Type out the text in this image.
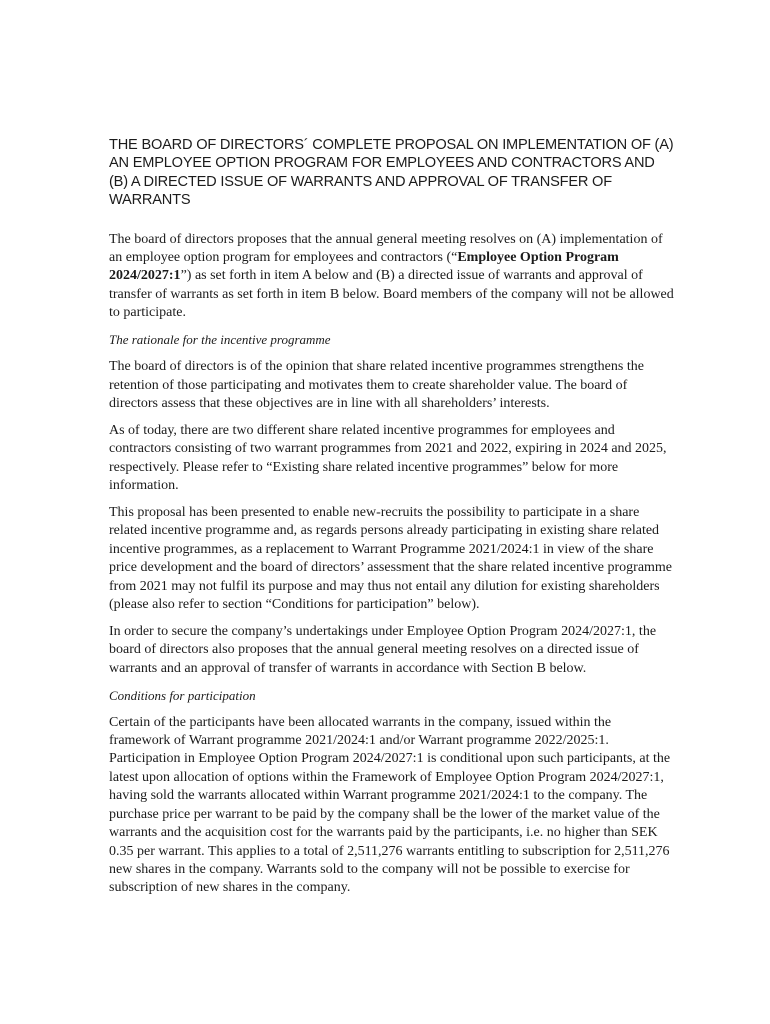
THE BOARD OF DIRECTORS´ COMPLETE PROPOSAL ON IMPLEMENTATION OF (A) AN EMPLOYEE OPTION PROGRAM FOR EMPLOYEES AND CONTRACTORS AND (B) A DIRECTED ISSUE OF WARRANTS AND APPROVAL OF TRANSFER OF WARRANTS

The board of directors proposes that the annual general meeting resolves on (A) implementation of an employee option program for employees and contractors (“Employee Option Program 2024/2027:1”) as set forth in item A below and (B) a directed issue of warrants and approval of transfer of warrants as set forth in item B below. Board members of the company will not be allowed to participate.

The rationale for the incentive programme

The board of directors is of the opinion that share related incentive programmes strengthens the retention of those participating and motivates them to create shareholder value. The board of directors assess that these objectives are in line with all shareholders’ interests.

As of today, there are two different share related incentive programmes for employees and contractors consisting of two warrant programmes from 2021 and 2022, expiring in 2024 and 2025, respectively. Please refer to “Existing share related incentive programmes” below for more information.

This proposal has been presented to enable new-recruits the possibility to participate in a share related incentive programme and, as regards persons already participating in existing share related incentive programmes, as a replacement to Warrant Programme 2021/2024:1 in view of the share price development and the board of directors’ assessment that the share related incentive programme from 2021 may not fulfil its purpose and may thus not entail any dilution for existing shareholders (please also refer to section “Conditions for participation” below).

In order to secure the company’s undertakings under Employee Option Program 2024/2027:1, the board of directors also proposes that the annual general meeting resolves on a directed issue of warrants and an approval of transfer of warrants in accordance with Section B below.

Conditions for participation

Certain of the participants have been allocated warrants in the company, issued within the framework of Warrant programme 2021/2024:1 and/or Warrant programme 2022/2025:1. Participation in Employee Option Program 2024/2027:1 is conditional upon such participants, at the latest upon allocation of options within the Framework of Employee Option Program 2024/2027:1, having sold the warrants allocated within Warrant programme 2021/2024:1 to the company. The purchase price per warrant to be paid by the company shall be the lower of the market value of the warrants and the acquisition cost for the warrants paid by the participants, i.e. no higher than SEK 0.35 per warrant. This applies to a total of 2,511,276 warrants entitling to subscription for 2,511,276 new shares in the company. Warrants sold to the company will not be possible to exercise for subscription of new shares in the company.
